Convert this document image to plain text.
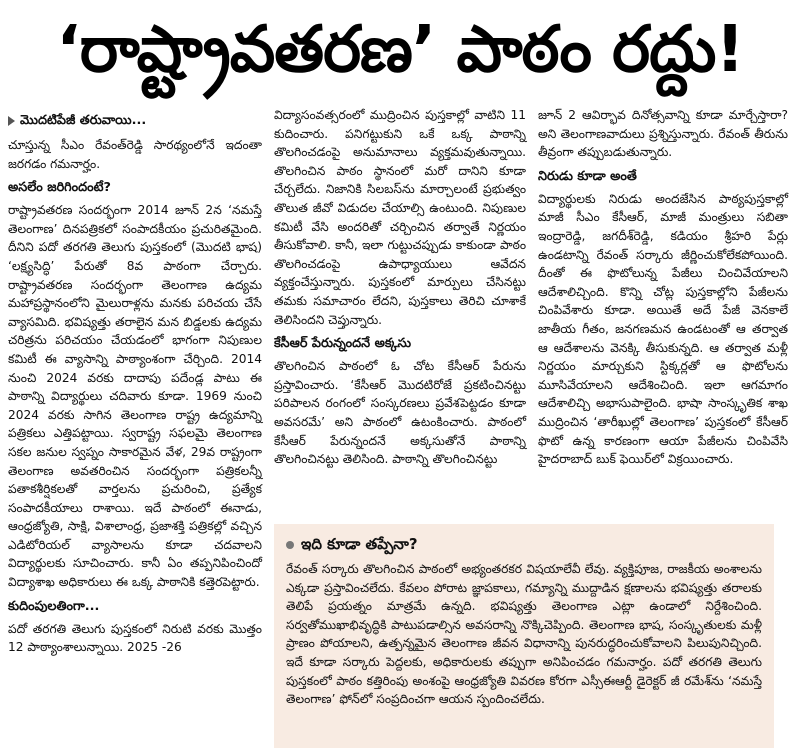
‘రాష్ట్రావతరణ’ పాఠం రద్దు!
మొదటిపేజీ తరువాయి...

చూస్తున్న సీఎం రేవంత్‌రెడ్డి సారథ్యంలోనే ఇదంతా జరగడం గమనార్హం.

అసలేం జరిగిందంటే?

రాష్ట్రావతరణ సందర్భంగా 2014 జూన్‌ 2న ‘నమస్తే తెలంగాణ’ దినపత్రికలో సంపాదకీయం ప్రచురితమైంది. దీనిని పదో తరగతి తెలుగు పుస్తకంలో (మొదటి భాష) ‘లక్ష్యసిద్ధి’ పేరుతో 8వ పాఠంగా చేర్చారు. రాష్ట్రావతరణ సందర్భంగా తెలంగాణ ఉద్యమ మహాప్రస్థానంలోని మైలురాళ్లను మనకు పరిచయ చేసే వ్యాసమిది. భవిష్యత్తు తరాలైన మన బిడ్డలకు ఉద్యమ చరిత్రను పరిచయం చేయడంలో భాగంగా నిపుణుల కమిటీ ఈ వ్యాసాన్ని పాఠ్యాంశంగా చేర్చింది. 2014 నుంచి 2024 వరకు దాదాపు పదేండ్ల పాటు ఈ పాఠాన్ని విద్యార్థులు చదివారు కూడా. 1969 నుంచి 2024 వరకు సాగిన తెలంగాణ రాష్ట్ర ఉద్యమాన్ని పత్రికలు ఎత్తిపట్టాయి. స్వరాష్ట్ర సఫలమై తెలంగాణ సకల జనుల స్వప్నం సాకారమైన వేళ, 29వ రాష్ట్రంగా తెలంగాణ అవతరించిన సందర్భంగా పత్రికలన్నీ పతాకశీర్షికలతో వార్తలను ప్రచురించి, ప్రత్యేక సంపాదకీయాలు రాశాయి. ఇదే పాఠంలో ఈనాడు, ఆంధ్రజ్యోతి, సాక్షి, విశాలాంధ్ర, ప్రజాశక్తి పత్రికల్లో వచ్చిన ఎడిటోరియల్‌ వ్యాసాలను కూడా చదవాలని విద్యార్థులకు సూచించారు. కానీ ఏం తప్పనిపించిందో విద్యాశాఖ అధికారులు ఈ ఒక్క పాఠానికి కత్తెరపెట్టారు.

కుదింపులతింగా...

పదో తరగతి తెలుగు పుస్తకంలో నిరుటి వరకు మొత్తం 12 పాఠ్యాంశాలున్నాయి. 2025 -26

విద్యాసంవత్సరంలో ముద్రించిన పుస్తకాల్లో వాటిని 11 కుదించారు. పనిగట్టుకుని ఒకే ఒక్క పాఠాన్ని తొలగించడంపై అనుమానాలు వ్యక్తమవుతున్నాయి. తొలగించిన పాఠం స్థానంలో మరో దానిని కూడా చేర్చలేదు. నిజానికి సిలబస్‌ను మార్చాలంటే ప్రభుత్వం తొలుత జీవో విడుదల చేయాల్సి ఉంటుంది. నిపుణుల కమిటీ వేసి అందరితో చర్చించిన తర్వాతే నిర్ణయం తీసుకోవాలి. కానీ, ఇలా గుట్టుచప్పుడు కాకుండా పాఠం తొలగించడంపై ఉపాధ్యాయులు ఆవేదన వ్యక్తంచేస్తున్నారు. పుస్తకంలో మార్పులు చేసినట్టు తమకు సమాచారం లేదని, పుస్తకాలు తెరిచి చూశాకే తెలిసిందని చెప్తున్నారు.

కేసీఆర్‌ పేరున్నందనే అక్కసు

తొలగించిన పాఠంలో ఓ చోట కేసీఆర్‌ పేరును ప్రస్తావించారు. ‘కేసీఆర్‌ మొదటిరోజే ప్రకటించినట్టు పరిపాలన రంగంలో సంస్కరణలు ప్రవేశపెట్టడం కూడా అవసరమే’ అని పాఠంలో ఉటంకించారు. పాఠంలో కేసీఆర్‌ పేరున్నందనే అక్కసుతోనే పాఠాన్ని తొలగించినట్టు తెలిసింది. పాఠాన్ని తొలగించినట్టు

జూన్‌ 2 ఆవిర్భావ దినోత్సవాన్ని కూడా మార్చేస్తారా? అని తెలంగాణవాదులు ప్రశ్నిస్తున్నారు. రేవంత్‌ తీరును తీవ్రంగా తప్పుబడుతున్నారు.

నిరుడు కూడా అంతే

విద్యార్థులకు నిరుడు అందజేసిన పాఠ్యపుస్తకాల్లో మాజీ సీఎం కేసీఆర్‌, మాజీ మంత్రులు సబితా ఇంద్రారెడ్డి, జగదీశ్‌రెడ్డి, కడియం శ్రీహరి పేర్లు ఉండటాన్ని రేవంత్‌ సర్కారు జీర్ణించుకోలేకపోయింది. దీంతో ఈ ఫొటోలున్న పేజీలు చించివేయాలని ఆదేశాలిచ్చింది. కొన్ని చోట్ల పుస్తకాల్లోని పేజీలను చింపివేశారు కూడా. అయితే అదే పేజీ వెనకాలే జాతీయ గీతం, జనగణమన ఉండటంతో ఆ తర్వాత ఆ ఆదేశాలను వెనక్కి తీసుకున్నది. ఆ తర్వాత మళ్లీ నిర్ణయం మార్చుకుని స్టిక్కర్లతో ఆ ఫొటోలను మూసివేయాలని ఆదేశించింది. ఇలా ఆగమాగం ఆదేశాలిచ్చి అభాసుపాలైంది. భాషా సాంస్కృతిక శాఖ ముద్రించిన ‘తారీఖుల్లో తెలంగాణ’ పుస్తకంలో కేసీఆర్‌ ఫొటో ఉన్న కారణంగా ఆయా పేజీలను చింపివేసి హైదరాబాద్‌ బుక్‌ ఫెయిర్‌లో విక్రయించారు.

ఇది కూడా తప్పేనా?

రేవంత్‌ సర్కారు తొలగించిన పాఠంలో అభ్యంతరకర విషయాలేవీ లేవు. వ్యక్తిపూజ, రాజకీయ అంశాలను ఎక్కడా ప్రస్తావించలేదు. కేవలం పోరాట జ్ఞాపకాలు, గమ్యాన్ని ముద్దాడిన క్షణాలను భవిష్యత్తు తరాలకు తెలిపే ప్రయత్నం మాత్రమే ఉన్నది. భవిష్యత్తు తెలంగాణ ఎట్లా ఉండాలో నిర్దేశించింది. సర్వతోముఖాభివృద్ధికి పాటుపడాల్సిన అవసరాన్ని నొక్కిచెప్పింది. తెలంగాణ భాష, సంస్కృతులకు మళ్లీ ప్రాణం పోయాలని, ఉత్పన్నమైన తెలంగాణ జీవన విధానాన్ని పునరుద్ధరించుకోవాలని పిలుపునిచ్చింది. ఇదే కూడా సర్కారు పెద్దలకు, అధికారులకు తప్పుగా అనిపించడం గమనార్హం. పదో తరగతి తెలుగు పుస్తకంలో పాఠం కత్తిరింపు అంశంపై ఆంధ్రజ్యోతి వివరణ కోరగా ఎస్సీఈఆర్టీ డైరెక్టర్‌ జీ రమేశ్‌ను ‘నమస్తే తెలంగాణ’ ఫోన్‌లో సంప్రదించగా ఆయన స్పందించలేదు.
